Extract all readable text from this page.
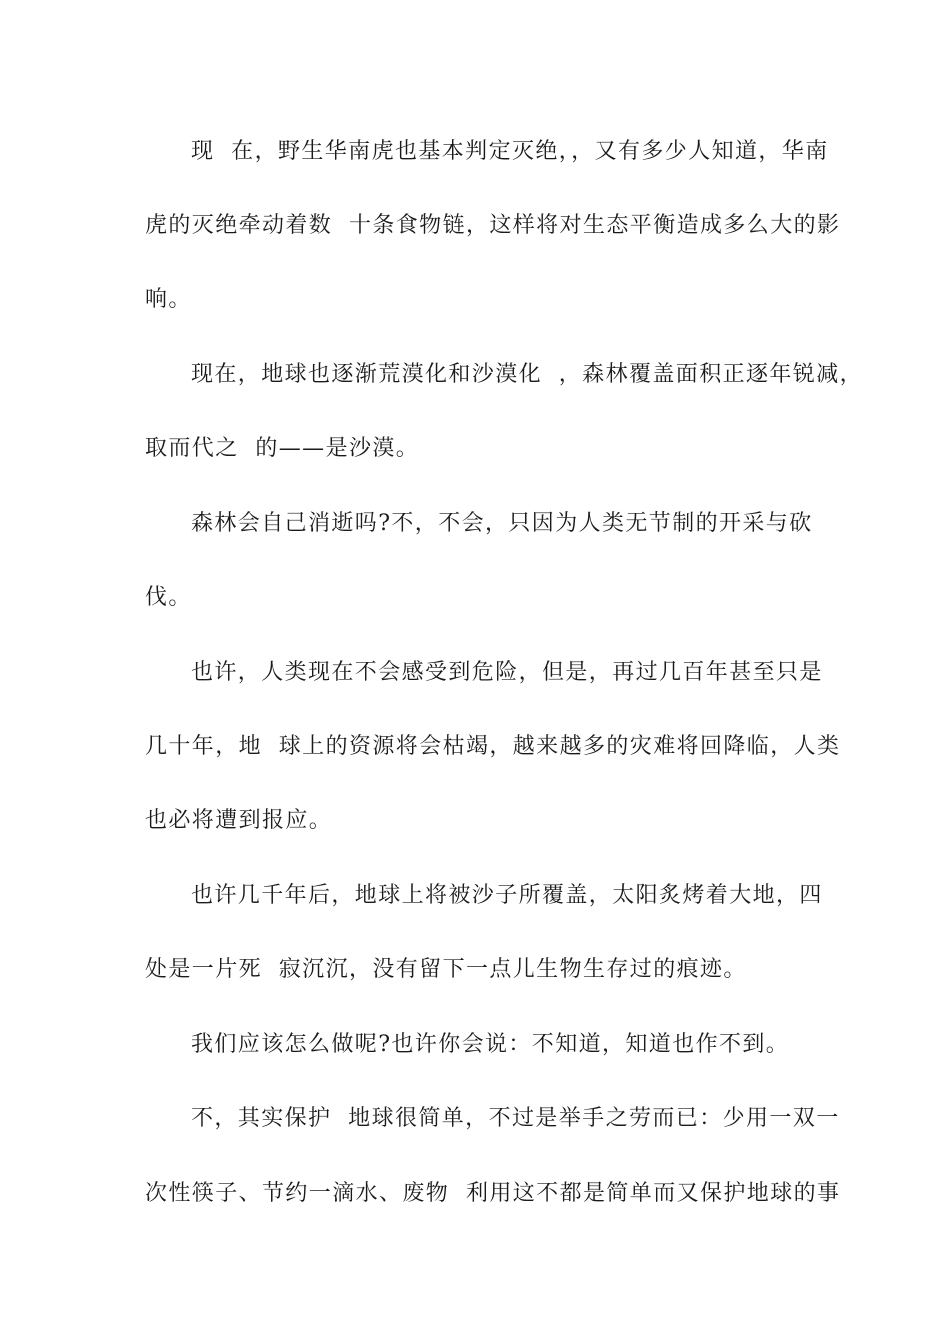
现  在，野生华南虎也基本判定灭绝，，又有多少人知道，华南
虎的灭绝牵动着数  十条食物链，这样将对生态平衡造成多么大的影
响。
现在，地球也逐渐荒漠化和沙漠化  ，森林覆盖面积正逐年锐减，
取而代之  的——是沙漠。
森林会自己消逝吗?不，不会，只因为人类无节制的开采与砍
伐。
也许，人类现在不会感受到危险，但是，再过几百年甚至只是
几十年，地  球上的资源将会枯竭，越来越多的灾难将回降临，人类
也必将遭到报应。
也许几千年后，地球上将被沙子所覆盖，太阳炙烤着大地，四
处是一片死  寂沉沉，没有留下一点儿生物生存过的痕迹。
我们应该怎么做呢?也许你会说：不知道，知道也作不到。
不，其实保护  地球很简单，不过是举手之劳而已：少用一双一
次性筷子、节约一滴水、废物  利用这不都是简单而又保护地球的事
